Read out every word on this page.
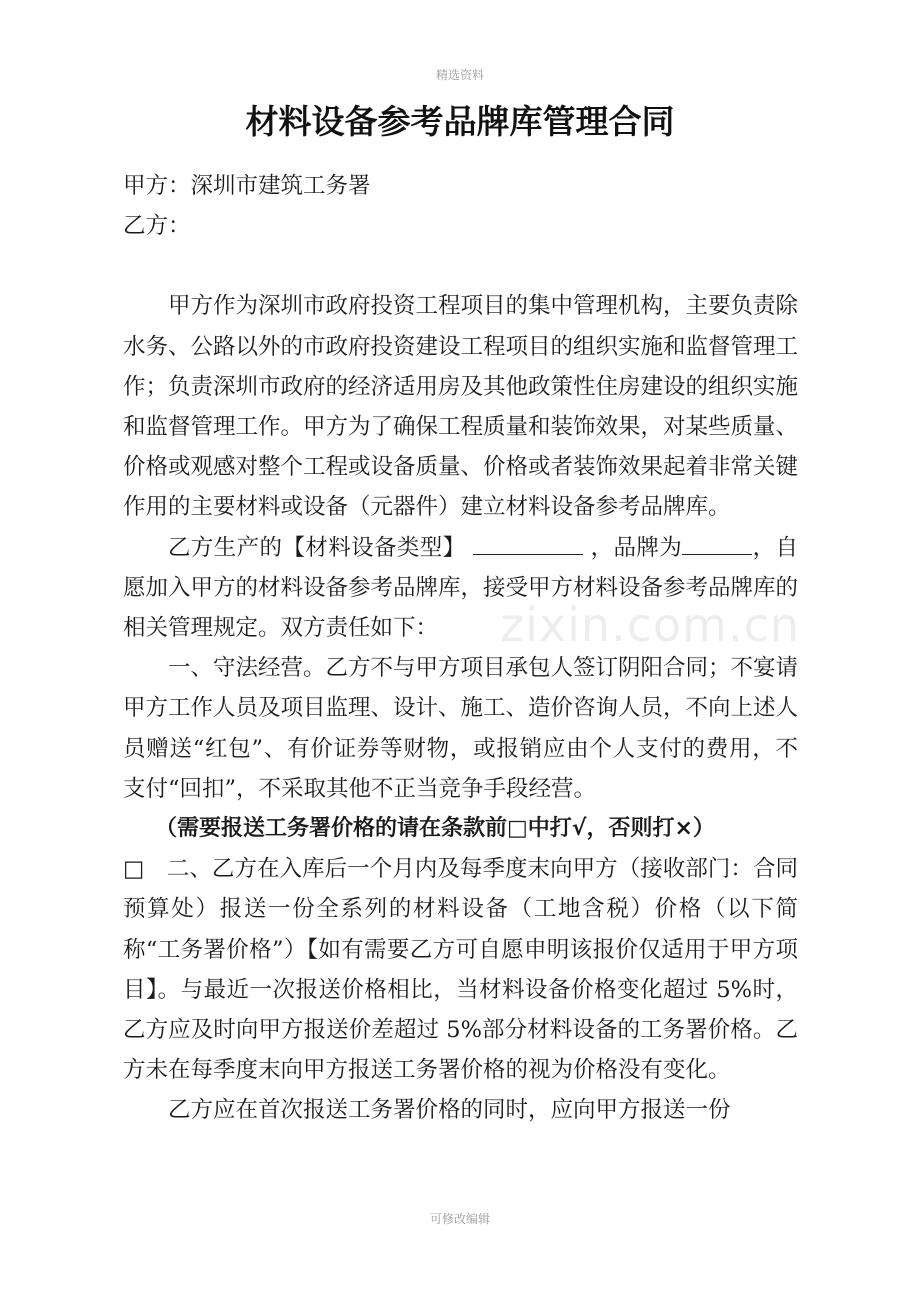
精选资料
zixin.com.cn
材料设备参考品牌库管理合同

甲方：深圳市建筑工务署

乙方：

甲方作为深圳市政府投资工程项目的集中管理机构，主要负责除水务、公路以外的市政府投资建设工程项目的组织实施和监督管理工作；负责深圳市政府的经济适用房及其他政策性住房建设的组织实施和监督管理工作。甲方为了确保工程质量和装饰效果，对某些质量、价格或观感对整个工程或设备质量、价格或者装饰效果起着非常关键作用的主要材料或设备（元器件）建立材料设备参考品牌库。

乙方生产的【材料设备类型】	，品牌为	，自愿加入甲方的材料设备参考品牌库，接受甲方材料设备参考品牌库的相关管理规定。双方责任如下：

一、守法经营。乙方不与甲方项目承包人签订阴阳合同；不宴请甲方工作人员及项目监理、设计、施工、造价咨询人员，不向上述人员赠送“红包”、有价证券等财物，或报销应由个人支付的费用，不支付“回扣”，不采取其他不正当竞争手段经营。

（需要报送工务署价格的请在条款前□中打√，否则打×）

□　二、乙方在入库后一个月内及每季度末向甲方（接收部门：合同预算处）报送一份全系列的材料设备（工地含税）价格（以下简称“工务署价格”）【如有需要乙方可自愿申明该报价仅适用于甲方项目】。与最近一次报送价格相比，当材料设备价格变化超过 5%时，乙方应及时向甲方报送价差超过 5%部分材料设备的工务署价格。乙方未在每季度末向甲方报送工务署价格的视为价格没有变化。

乙方应在首次报送工务署价格的同时，应向甲方报送一份

可修改编辑
